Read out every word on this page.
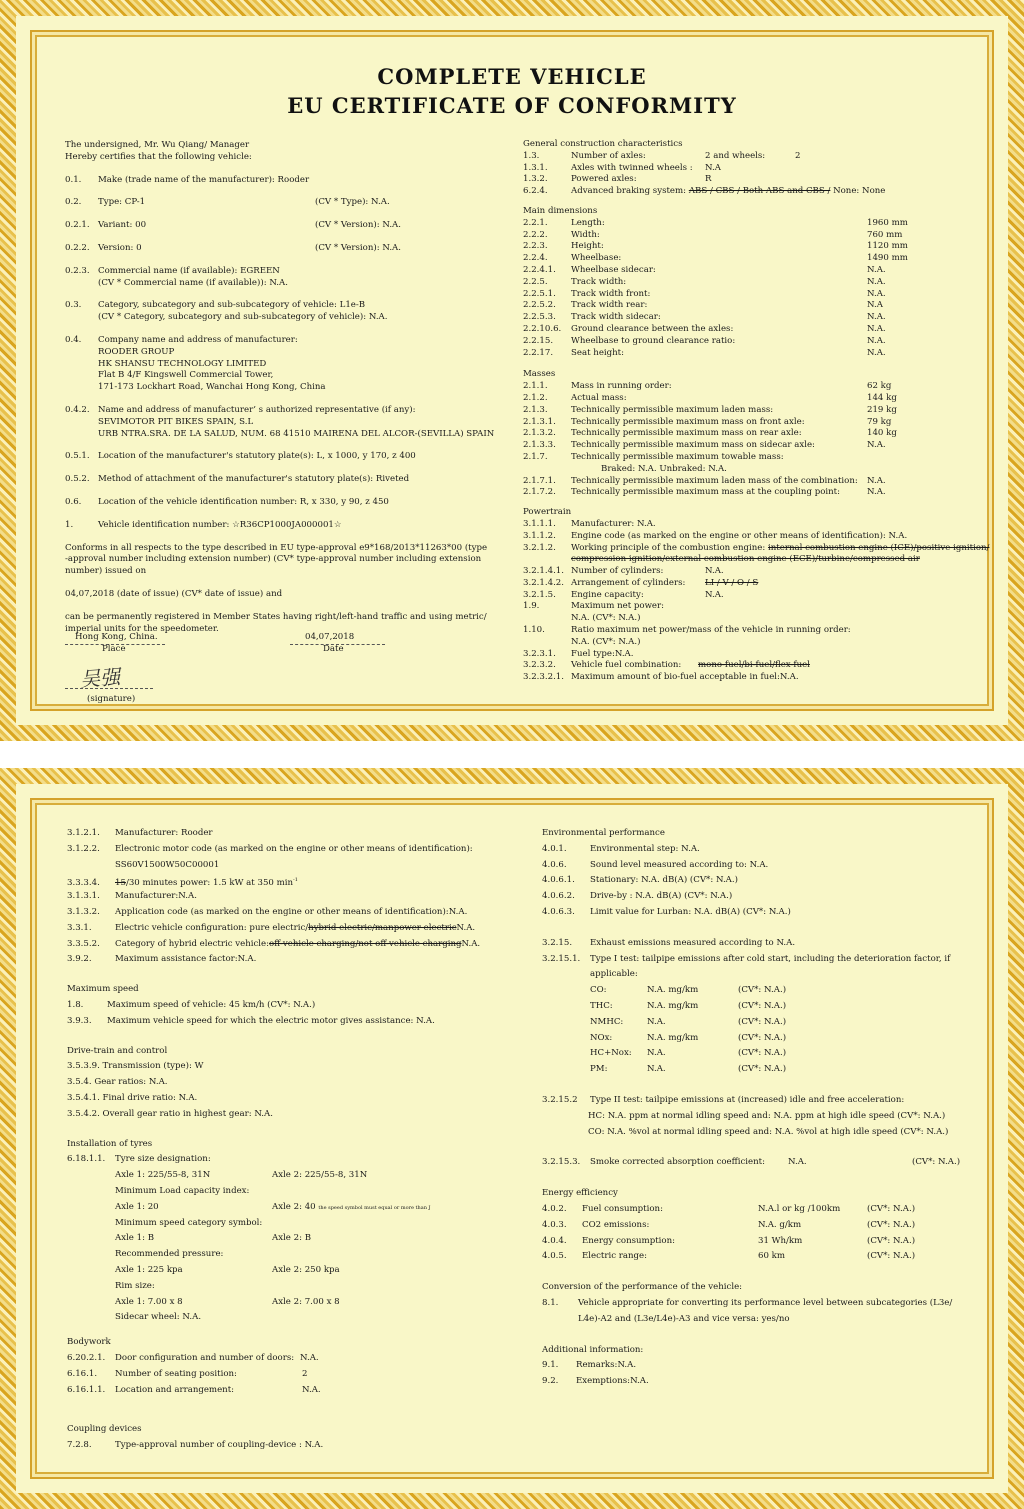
COMPLETE VEHICLE
EU CERTIFICATE OF CONFORMITY
The undersigned, Mr. Wu Qiang/ Manager
Hereby certifies that the following vehicle:
0.1. Make (trade name of the manufacturer): Rooder
0.2. Type: CP-1	(CV * Type): N.A.
0.2.1. Variant: 00	(CV * Version): N.A.
0.2.2. Version: 0	(CV * Version): N.A.
0.2.3. Commercial name (if available): EGREEN
(CV * Commercial name (if available)): N.A.
0.3. Category, subcategory and sub-subcategory of vehicle: L1e-B
(CV * Category, subcategory and sub-subcategory of vehicle): N.A.
0.4. Company name and address of manufacturer:
ROODER GROUP
HK SHANSU TECHNOLOGY LIMITED
Flat B 4/F Kingswell Commercial Tower,
171-173 Lockhart Road, Wanchai Hong Kong, China
0.4.2. Name and address of manufacturer’ s authorized representative (if any):
SEVIMOTOR PIT BIKES SPAIN, S.L
URB NTRA.SRA. DE LA SALUD, NUM. 68 41510 MAIRENA DEL ALCOR-(SEVILLA) SPAIN
0.5.1. Location of the manufacturer's statutory plate(s): L, x 1000, y 170, z 400
0.5.2. Method of attachment of the manufacturer's statutory plate(s): Riveted
0.6. Location of the vehicle identification number: R, x 330, y 90, z 450
1.	Vehicle identification number: ☆R36CP1000JA000001☆
Conforms in all respects to the type described in EU type-approval e9*168/2013*11263*00 (type
-approval number including extension number) (CV* type-approval number including extension
number) issued on
04,07,2018 (date of issue) (CV* date of issue) and
can be permanently registered in Member States having right/left-hand traffic and using metric/
imperial units for the speedometer.
Hong Kong, China.	04,07,2018
Place	Date
吴强
(signature)
General construction characteristics
1.3.	Number of axles:	2 and wheels:	2
1.3.1.	Axles with twinned wheels : N.A
1.3.2.	Powered axles:	R
6.2.4.	Advanced braking system: ABS / CBS / Both ABS and CBS / None: None
Main dimensions
2.2.1.	Length:	1960 mm
2.2.2.	Width:	760 mm
2.2.3.	Height:	1120 mm
2.2.4.	Wheelbase:	1490 mm
2.2.4.1. Wheelbase sidecar:	N.A.
2.2.5.	Track width:	N.A.
2.2.5.1. Track width front:	N.A.
2.2.5.2. Track width rear:	N.A
2.2.5.3. Track width sidecar:	N.A.
2.2.10.6. Ground clearance between the axles:	N.A.
2.2.15. Wheelbase to ground clearance ratio:	N.A.
2.2.17. Seat height:	N.A.
Masses
2.1.1.	Mass in running order:	62 kg
2.1.2.	Actual mass:	144 kg
2.1.3.	Technically permissible maximum laden mass:	219 kg
2.1.3.1. Technically permissible maximum mass on front axle:	79 kg
2.1.3.2. Technically permissible maximum mass on rear axle:	140 kg
2.1.3.3. Technically permissible maximum mass on sidecar axle:	N.A.
2.1.7.	Technically permissible maximum towable mass:
Braked: N.A. Unbraked: N.A.
2.1.7.1. Technically permissible maximum laden mass of the combination: N.A.
2.1.7.2. Technically permissible maximum mass at the coupling point:	N.A.
Powertrain
3.1.1.1. Manufacturer: N.A.
3.1.1.2. Engine code (as marked on the engine or other means of identification): N.A.
3.2.1.2. Working principle of the combustion engine: internal combustion engine (ICE)/positive ignition/
compression ignition/external combustion engine (ECE)/turbine/compressed air
3.2.1.4.1. Number of cylinders:	N.A.
3.2.1.4.2. Arrangement of cylinders: LI / V / O / S
3.2.1.5. Engine capacity:	N.A.
1.9.	Maximum net power:
N.A. (CV*: N.A.)
1.10.	Ratio maximum net power/mass of the vehicle in running order:
N.A. (CV*: N.A.)
3.2.3.1. Fuel type:N.A.
3.2.3.2. Vehicle fuel combination: mono-fuel/bi-fuel/flex-fuel
3.2.3.2.1. Maximum amount of bio-fuel acceptable in fuel:N.A.
3.1.2.1. Manufacturer: Rooder
3.1.2.2. Electronic motor code (as marked on the engine or other means of identification):
SS60V1500W50C00001
3.3.3.4. 15/30 minutes power: 1.5 kW at 350 $\min^{-1}$
3.1.3.1. Manufacturer:N.A.
3.1.3.2. Application code (as marked on the engine or other means of identification):N.A.
3.3.1.	Electric vehicle configuration: pure electric/hybrid electric/manpower electricN.A.
3.3.5.2. Category of hybrid electric vehicle:off-vehicle charging/not off-vehicle chargingN.A.
3.9.2.	Maximum assistance factor:N.A.
Maximum speed
1.8.	Maximum speed of vehicle: 45 km/h (CV*: N.A.)
3.9.3. Maximum vehicle speed for which the electric motor gives assistance: N.A.
Drive-train and control
3.5.3.9. Transmission (type): W
3.5.4. Gear ratios: N.A.
3.5.4.1. Final drive ratio: N.A.
3.5.4.2. Overall gear ratio in highest gear: N.A.
Installation of tyres
6.18.1.1. Tyre size designation:
Axle 1: 225/55-8, 31N	Axle 2: 225/55-8, 31N
Minimum Load capacity index:
Axle 1: 20	Axle 2: 40 the speed symbol must equal or more than J
Minimum speed category symbol:
Axle 1: B	Axle 2: B
Recommended pressure:
Axle 1: 225 kpa	Axle 2: 250 kpa
Rim size:
Axle 1: 7.00 x 8	Axle 2: 7.00 x 8
Sidecar wheel: N.A.
Bodywork
6.20.2.1. Door configuration and number of doors: N.A.
6.16.1. Number of seating position:	2
6.16.1.1. Location and arrangement:	N.A.
Coupling devices
7.2.8.	Type-approval number of coupling-device : N.A.
Environmental performance
4.0.1.	Environmental step: N.A.
4.0.6.	Sound level measured according to: N.A.
4.0.6.1. Stationary: N.A. dB(A) (CV*: N.A.)
4.0.6.2. Drive-by : N.A. dB(A) (CV*: N.A.)
4.0.6.3. Limit value for Lurban: N.A. dB(A) (CV*: N.A.)
3.2.15. Exhaust emissions measured according to N.A.
3.2.15.1. Type I test: tailpipe emissions after cold start, including the deterioration factor, if
applicable:
CO:	N.A. mg/km	(CV*: N.A.)
THC:	N.A. mg/km	(CV*: N.A.)
NMHC:	N.A.	(CV*: N.A.)
NOx:	N.A. mg/km	(CV*: N.A.)
HC+Nox: N.A.	(CV*: N.A.)
PM:	N.A.	(CV*: N.A.)
3.2.15.2 Type II test: tailpipe emissions at (increased) idle and free acceleration:
HC: N.A. ppm at normal idling speed and: N.A. ppm at high idle speed (CV*: N.A.)
CO: N.A. %vol at normal idling speed and: N.A. %vol at high idle speed (CV*: N.A.)
3.2.15.3. Smoke corrected absorption coefficient:	N.A.	(CV*: N.A.)
Energy efficiency
4.0.2. Fuel consumption:	N.A.l or kg /100km	(CV*: N.A.)
4.0.3. CO2 emissions:	N.A. g/km	(CV*: N.A.)
4.0.4. Energy consumption:	31 Wh/km	(CV*: N.A.)
4.0.5. Electric range:	60 km	(CV*: N.A.)
Conversion of the performance of the vehicle:
8.1. Vehicle appropriate for converting its performance level between subcategories (L3e/
L4e)-A2 and (L3e/L4e)-A3 and vice versa: yes/no
Additional information:
9.1. Remarks:N.A.
9.2. Exemptions:N.A.
